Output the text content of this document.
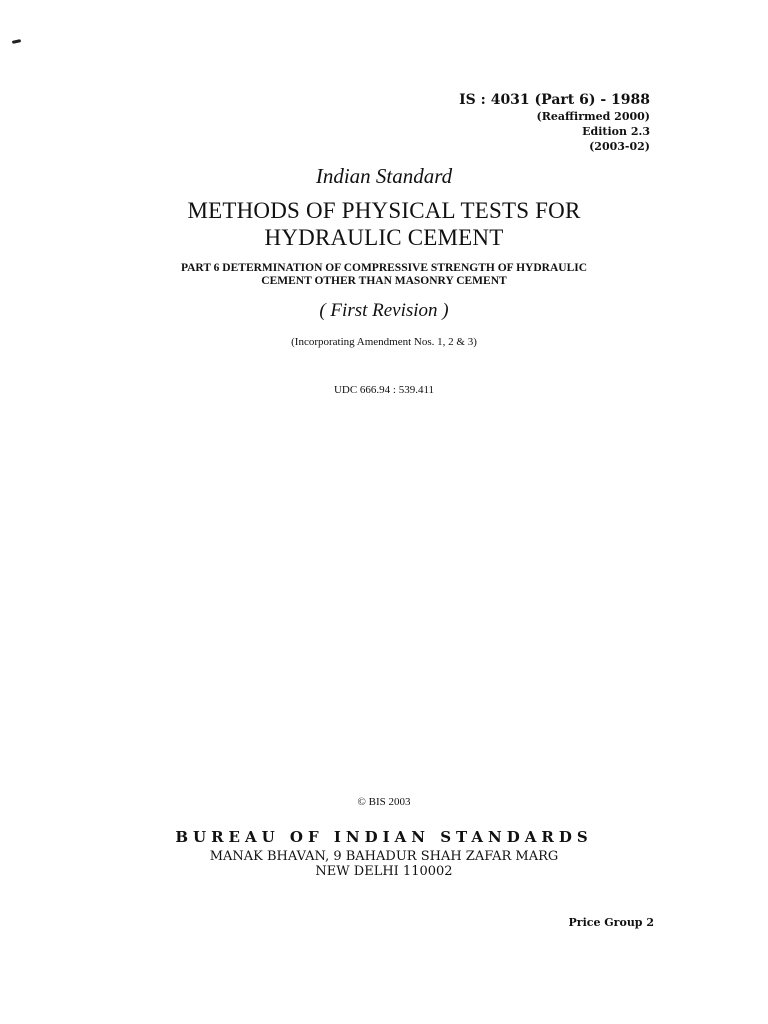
IS : 4031 (Part 6) - 1988
(Reaffirmed 2000)
Edition 2.3
(2003-02)
Indian Standard
METHODS OF PHYSICAL TESTS FOR
HYDRAULIC CEMENT
PART 6 DETERMINATION OF COMPRESSIVE STRENGTH OF HYDRAULIC
CEMENT OTHER THAN MASONRY CEMENT
( First Revision )
(Incorporating Amendment Nos. 1, 2 & 3)
UDC 666.94 : 539.411
© BIS 2003
BUREAU OF INDIAN STANDARDS
MANAK BHAVAN, 9 BAHADUR SHAH ZAFAR MARG
NEW DELHI 110002
Price Group 2
